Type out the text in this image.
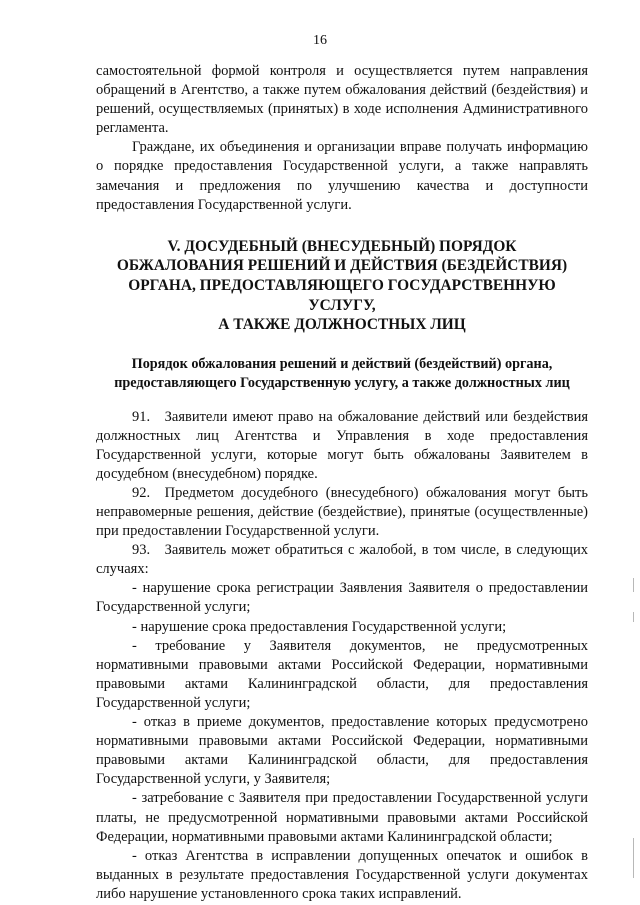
16

самостоятельной формой контроля и осуществляется путем направления обращений в Агентство, а также путем обжалования действий (бездействия) и решений, осуществляемых (принятых) в ходе исполнения Административного регламента.

Граждане, их объединения и организации вправе получать информацию о порядке предоставления Государственной услуги, а также направлять замечания и предложения по улучшению качества и доступности предоставления Государственной услуги.

V. ДОСУДЕБНЫЙ (ВНЕСУДЕБНЫЙ) ПОРЯДОК
ОБЖАЛОВАНИЯ РЕШЕНИЙ И ДЕЙСТВИЯ (БЕЗДЕЙСТВИЯ)
ОРГАНА, ПРЕДОСТАВЛЯЮЩЕГО ГОСУДАРСТВЕННУЮ УСЛУГУ,
А ТАКЖЕ ДОЛЖНОСТНЫХ ЛИЦ
Порядок обжалования решений и действий (бездействий) органа,
предоставляющего Государственную услугу, а также должностных лиц

91. Заявители имеют право на обжалование действий или бездействия должностных лиц Агентства и Управления в ходе предоставления Государственной услуги, которые могут быть обжалованы Заявителем в досудебном (внесудебном) порядке.

92. Предметом досудебного (внесудебного) обжалования могут быть неправомерные решения, действие (бездействие), принятые (осуществленные) при предоставлении Государственной услуги.

93. Заявитель может обратиться с жалобой, в том числе, в следующих случаях:

- нарушение срока регистрации Заявления Заявителя о предоставлении Государственной услуги;

- нарушение срока предоставления Государственной услуги;

- требование у Заявителя документов, не предусмотренных нормативными правовыми актами Российской Федерации, нормативными правовыми актами Калининградской области, для предоставления Государственной услуги;

- отказ в приеме документов, предоставление которых предусмотрено нормативными правовыми актами Российской Федерации, нормативными правовыми актами Калининградской области, для предоставления Государственной услуги, у Заявителя;

- затребование с Заявителя при предоставлении Государственной услуги платы, не предусмотренной нормативными правовыми актами Российской Федерации, нормативными правовыми актами Калининградской области;

- отказ Агентства в исправлении допущенных опечаток и ошибок в выданных в результате предоставления Государственной услуги документах либо нарушение установленного срока таких исправлений.
